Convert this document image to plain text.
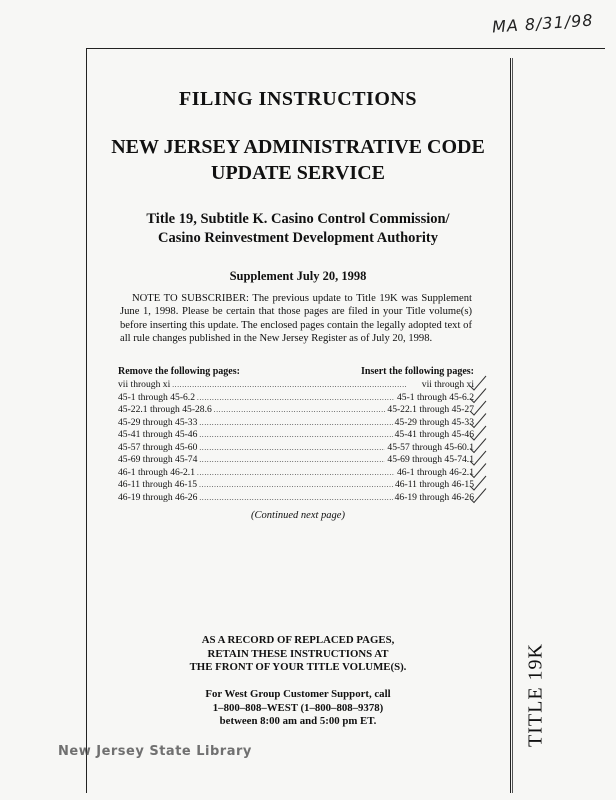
MA 8/31/98
FILING INSTRUCTIONS
NEW JERSEY ADMINISTRATIVE CODE
UPDATE SERVICE
Title 19, Subtitle K. Casino Control Commission/
Casino Reinvestment Development Authority
Supplement July 20, 1998
NOTE TO SUBSCRIBER: The previous update to Title 19K was Supplement June 1, 1998. Please be certain that those pages are filed in your Title volume(s) before inserting this update. The enclosed pages contain the legally adopted text of all rule changes published in the New Jersey Register as of July 20, 1998.
Remove the following pages:	Insert the following pages:
vii through xi . . .	vii through xi
45-1 through 45-6.2 . . .	45-1 through 45-6.2
45-22.1 through 45-28.6 . . .	45-22.1 through 45-27
45-29 through 45-33 . . .	45-29 through 45-33
45-41 through 45-46 . . .	45-41 through 45-46
45-57 through 45-60 . . .	45-57 through 45-60.1
45-69 through 45-74 . . .	45-69 through 45-74.1
46-1 through 46-2.1 . . .	46-1 through 46-2.1
46-11 through 46-15 . . .	46-11 through 46-15
46-19 through 46-26 . . .	46-19 through 46-26
(Continued next page)
AS A RECORD OF REPLACED PAGES,
RETAIN THESE INSTRUCTIONS AT
THE FRONT OF YOUR TITLE VOLUME(S).
For West Group Customer Support, call
1–800–808–WEST (1–800–808–9378)
between 8:00 am and 5:00 pm ET.	TITLE 19K
New Jersey State Library
